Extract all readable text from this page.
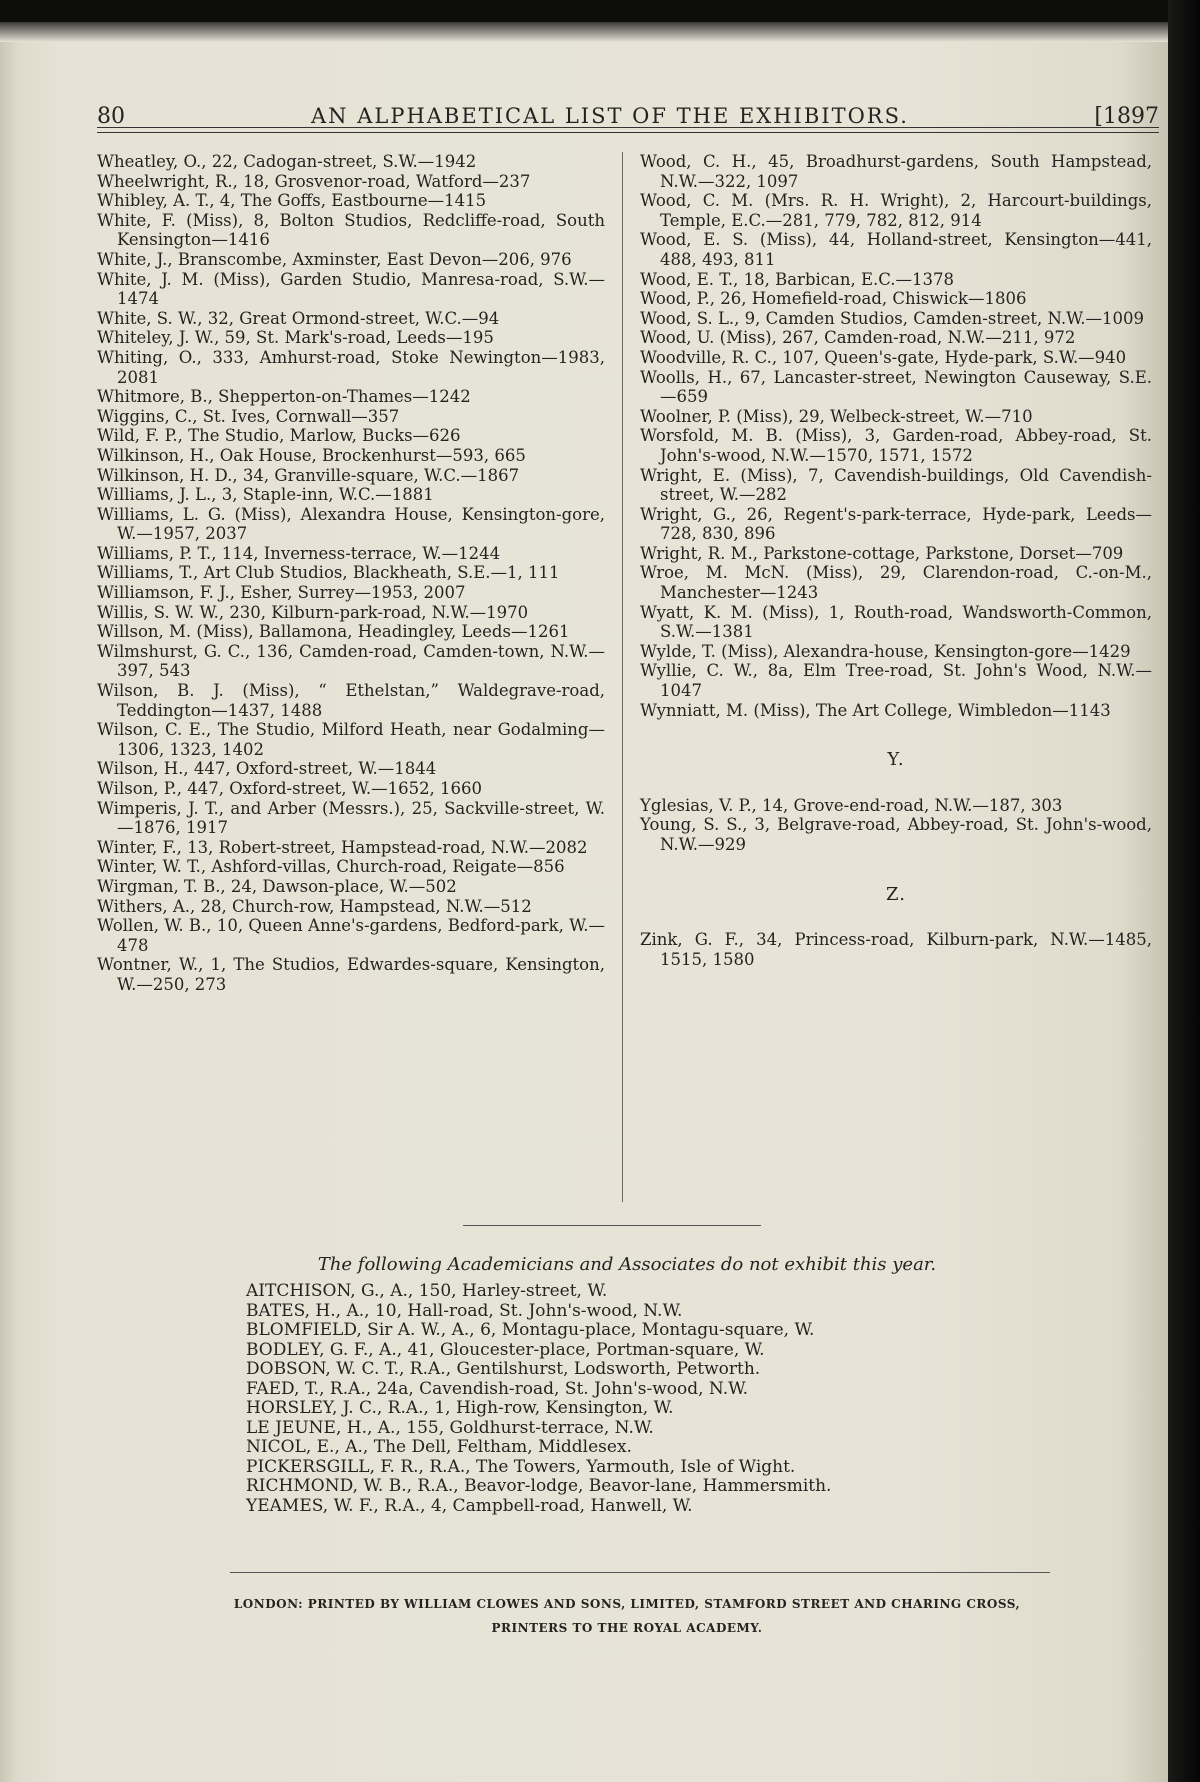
80	AN ALPHABETICAL LIST OF THE EXHIBITORS.	[1897

Wheatley, O., 22, Cadogan-street, S.W.—1942

Wheelwright, R., 18, Grosvenor-road, Watford—237

Whibley, A. T., 4, The Goffs, Eastbourne—1415

White, F. (Miss), 8, Bolton Studios, Redcliffe-road, South Kensington—1416

White, J., Branscombe, Axminster, East Devon—206, 976

White, J. M. (Miss), Garden Studio, Manresa-road, S.W.—1474

White, S. W., 32, Great Ormond-street, W.C.—94

Whiteley, J. W., 59, St. Mark's-road, Leeds—195

Whiting, O., 333, Amhurst-road, Stoke Newington—1983, 2081

Whitmore, B., Shepperton-on-Thames—1242

Wiggins, C., St. Ives, Cornwall—357

Wild, F. P., The Studio, Marlow, Bucks—626

Wilkinson, H., Oak House, Brockenhurst—593, 665

Wilkinson, H. D., 34, Granville-square, W.C.—1867

Williams, J. L., 3, Staple-inn, W.C.—1881

Williams, L. G. (Miss), Alexandra House, Kensington-gore, W.—1957, 2037

Williams, P. T., 114, Inverness-terrace, W.—1244

Williams, T., Art Club Studios, Blackheath, S.E.—1, 111

Williamson, F. J., Esher, Surrey—1953, 2007

Willis, S. W. W., 230, Kilburn-park-road, N.W.—1970

Willson, M. (Miss), Ballamona, Headingley, Leeds—1261

Wilmshurst, G. C., 136, Camden-road, Camden-town, N.W.—397, 543

Wilson, B. J. (Miss), “ Ethelstan,” Waldegrave-road, Teddington—1437, 1488

Wilson, C. E., The Studio, Milford Heath, near Godalming—1306, 1323, 1402

Wilson, H., 447, Oxford-street, W.—1844

Wilson, P., 447, Oxford-street, W.—1652, 1660

Wimperis, J. T., and Arber (Messrs.), 25, Sackville-street, W.—1876, 1917

Winter, F., 13, Robert-street, Hampstead-road, N.W.—2082

Winter, W. T., Ashford-villas, Church-road, Reigate—856

Wirgman, T. B., 24, Dawson-place, W.—502

Withers, A., 28, Church-row, Hampstead, N.W.—512

Wollen, W. B., 10, Queen Anne's-gardens, Bedford-park, W.—478

Wontner, W., 1, The Studios, Edwardes-square, Kensington, W.—250, 273

Wood, C. H., 45, Broadhurst-gardens, South Hampstead, N.W.—322, 1097

Wood, C. M. (Mrs. R. H. Wright), 2, Harcourt-buildings, Temple, E.C.—281, 779, 782, 812, 914

Wood, E. S. (Miss), 44, Holland-street, Kensington—441, 488, 493, 811

Wood, E. T., 18, Barbican, E.C.—1378

Wood, P., 26, Homefield-road, Chiswick—1806

Wood, S. L., 9, Camden Studios, Camden-street, N.W.—1009

Wood, U. (Miss), 267, Camden-road, N.W.—211, 972

Woodville, R. C., 107, Queen's-gate, Hyde-park, S.W.—940

Woolls, H., 67, Lancaster-street, Newington Causeway, S.E.—659

Woolner, P. (Miss), 29, Welbeck-street, W.—710

Worsfold, M. B. (Miss), 3, Garden-road, Abbey-road, St. John's-wood, N.W.—1570, 1571, 1572

Wright, E. (Miss), 7, Cavendish-buildings, Old Cavendish-street, W.—282

Wright, G., 26, Regent's-park-terrace, Hyde-park, Leeds—728, 830, 896

Wright, R. M., Parkstone-cottage, Parkstone, Dorset—709

Wroe, M. McN. (Miss), 29, Clarendon-road, C.-on-M., Manchester—1243

Wyatt, K. M. (Miss), 1, Routh-road, Wandsworth-Common, S.W.—1381

Wylde, T. (Miss), Alexandra-house, Kensington-gore—1429

Wyllie, C. W., 8a, Elm Tree-road, St. John's Wood, N.W.—1047

Wynniatt, M. (Miss), The Art College, Wimbledon—1143

Y.

Yglesias, V. P., 14, Grove-end-road, N.W.—187, 303

Young, S. S., 3, Belgrave-road, Abbey-road, St. John's-wood, N.W.—929

Z.

Zink, G. F., 34, Princess-road, Kilburn-park, N.W.—1485, 1515, 1580

The following Academicians and Associates do not exhibit this year.

AITCHISON, G., A., 150, Harley-street, W.

BATES, H., A., 10, Hall-road, St. John's-wood, N.W.

BLOMFIELD, Sir A. W., A., 6, Montagu-place, Montagu-square, W.

BODLEY, G. F., A., 41, Gloucester-place, Portman-square, W.

DOBSON, W. C. T., R.A., Gentilshurst, Lodsworth, Petworth.

FAED, T., R.A., 24a, Cavendish-road, St. John's-wood, N.W.

HORSLEY, J. C., R.A., 1, High-row, Kensington, W.

LE JEUNE, H., A., 155, Goldhurst-terrace, N.W.

NICOL, E., A., The Dell, Feltham, Middlesex.

PICKERSGILL, F. R., R.A., The Towers, Yarmouth, Isle of Wight.

RICHMOND, W. B., R.A., Beavor-lodge, Beavor-lane, Hammersmith.

YEAMES, W. F., R.A., 4, Campbell-road, Hanwell, W.

LONDON: PRINTED BY WILLIAM CLOWES AND SONS, LIMITED, STAMFORD STREET AND CHARING CROSS,
PRINTERS TO THE ROYAL ACADEMY.
